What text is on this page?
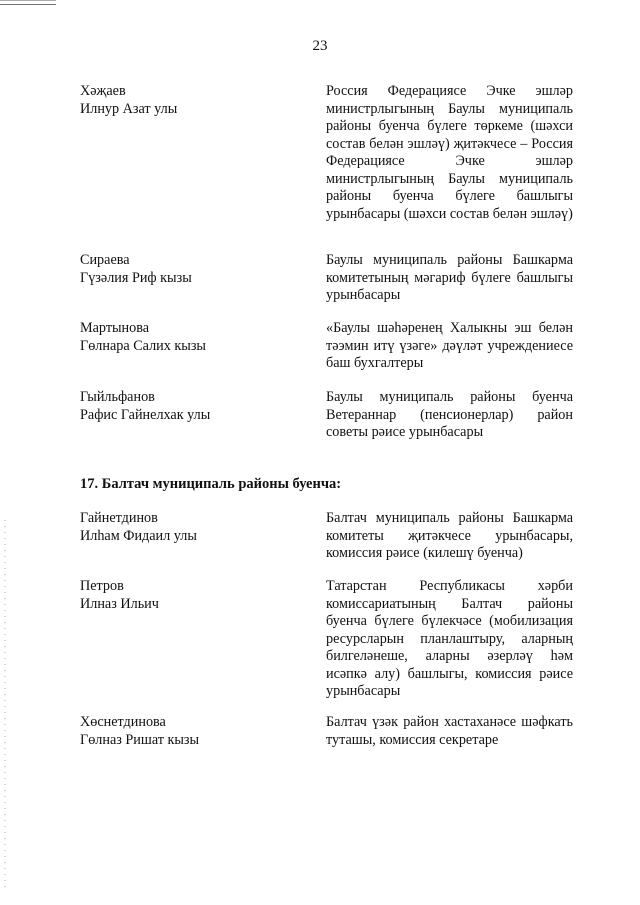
23
Хәҗаев
Илнур Азат улы
Россия Федерациясе Эчке эшләр министрлыгының Баулы муниципаль районы буенча бүлеге төркеме (шәхси состав белән эшләү) җитәкчесе – Россия Федерациясе Эчке эшләр министрлыгының Баулы муниципаль районы буенча бүлеге башлыгы урынбасары (шәхси состав белән эшләү)
Сираева
Гүзәлия Риф кызы
Баулы муниципаль районы Башкарма комитетының мәгариф бүлеге башлыгы урынбасары
Мартынова
Гөлнара Салих кызы
«Баулы шәһәренең Халыкны эш белән тәэмин итү үзәге» дәүләт учреждениесе баш бухгалтеры
Гыйльфанов
Рафис Гайнелхак улы
Баулы муниципаль районы буенча Ветераннар (пенсионерлар) район советы рәисе урынбасары
17. Балтач муниципаль районы буенча:
Гайнетдинов
Илһам Фидаил улы
Балтач муниципаль районы Башкарма комитеты җитәкчесе урынбасары, комиссия рәисе (килешү буенча)
Петров
Илназ Ильич
Татарстан Республикасы хәрби комиссариатының Балтач районы буенча бүлеге бүлекчәсе (мобилизация ресурсларын планлаштыру, аларның билгеләнеше, аларны әзерләү һәм исәпкә алу) башлыгы, комиссия рәисе урынбасары
Хөснетдинова
Гөлназ Ришат кызы
Балтач үзәк район хастаханәсе шәфкать туташы, комиссия секретаре
